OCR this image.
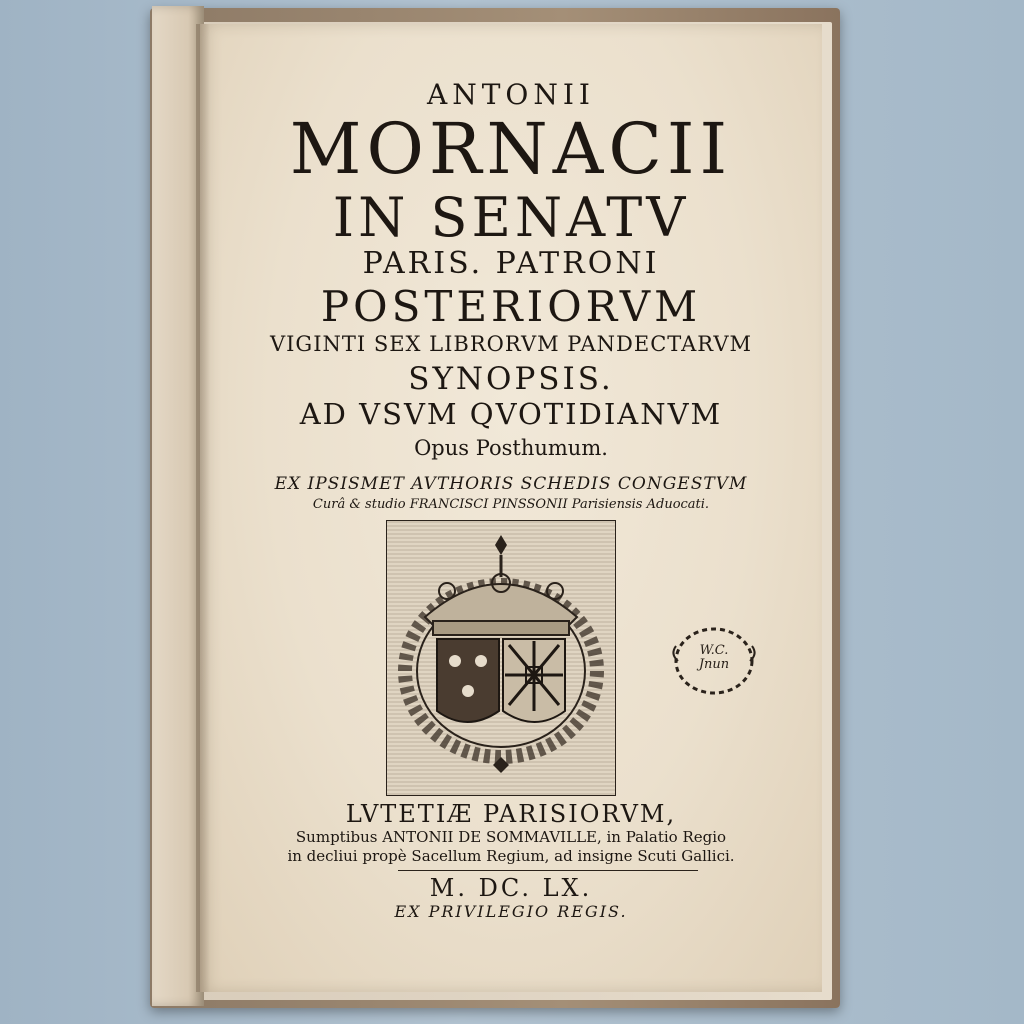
ANTONII

MORNACII

IN SENATV

PARIS. PATRONI

POSTERIORVM

VIGINTI SEX LIBRORVM PANDECTARVM

SYNOPSIS.

AD VSVM QVOTIDIANVM

Opus Posthumum.

EX IPSISMET AVTHORIS SCHEDIS CONGESTVM

Curâ & studio FRANCISCI PINSSONII Parisiensis Aduocati.

W.C.
Jnun

LVTETIÆ PARISIORVM,

Sumptibus ANTONII DE SOMMAVILLE, in Palatio Regio

in decliui propè Sacellum Regium, ad insigne Scuti Gallici.

M. DC. LX.

EX PRIVILEGIO REGIS.
